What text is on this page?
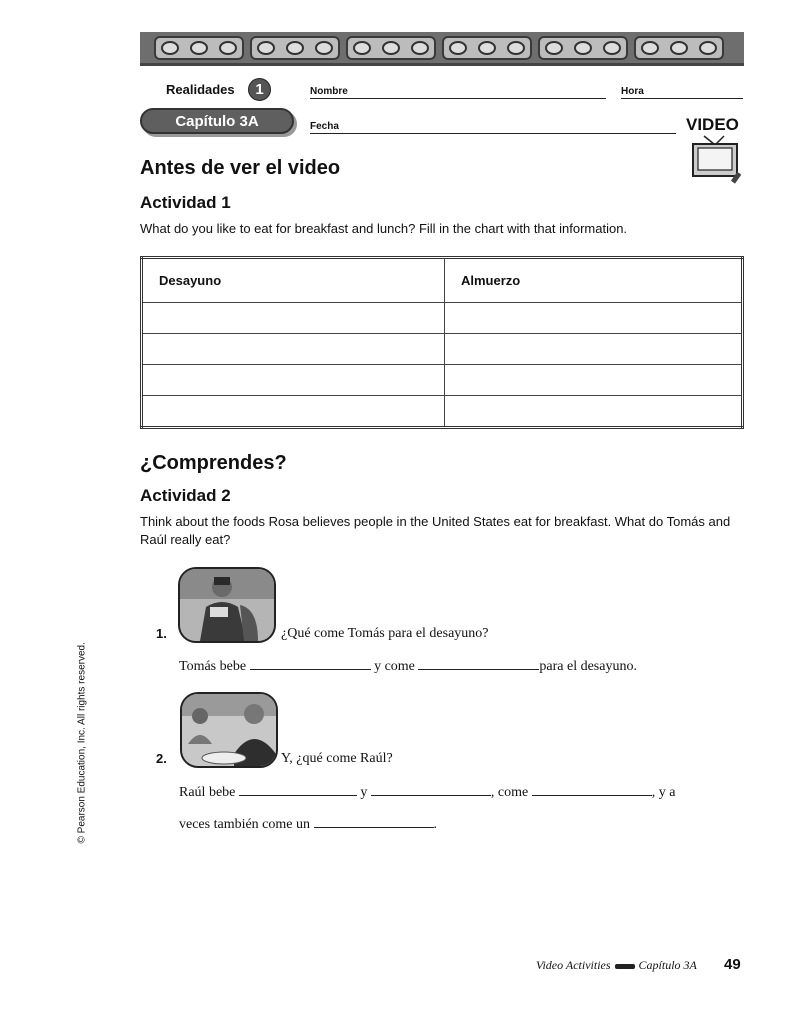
Realidades	1
Capítulo 3A
Nombre	Hora
Fecha	VIDEO
Antes de ver el video
Actividad 1
What do you like to eat for breakfast and lunch? Fill in the chart with that information.
Desayuno	Almuerzo

¿Comprendes?
Actividad 2
Think about the foods Rosa believes people in the United States eat for breakfast. What do Tomás and Raúl really eat?
1.	¿Qué come Tomás para el desayuno?
Tomás bebe	y come	para el desayuno.
2.	Y, ¿qué come Raúl?
Raúl bebe	y	, come	, y a
veces también come un	.
© Pearson Education, Inc. All rights reserved.
Video Activities Capítulo 3A 49
